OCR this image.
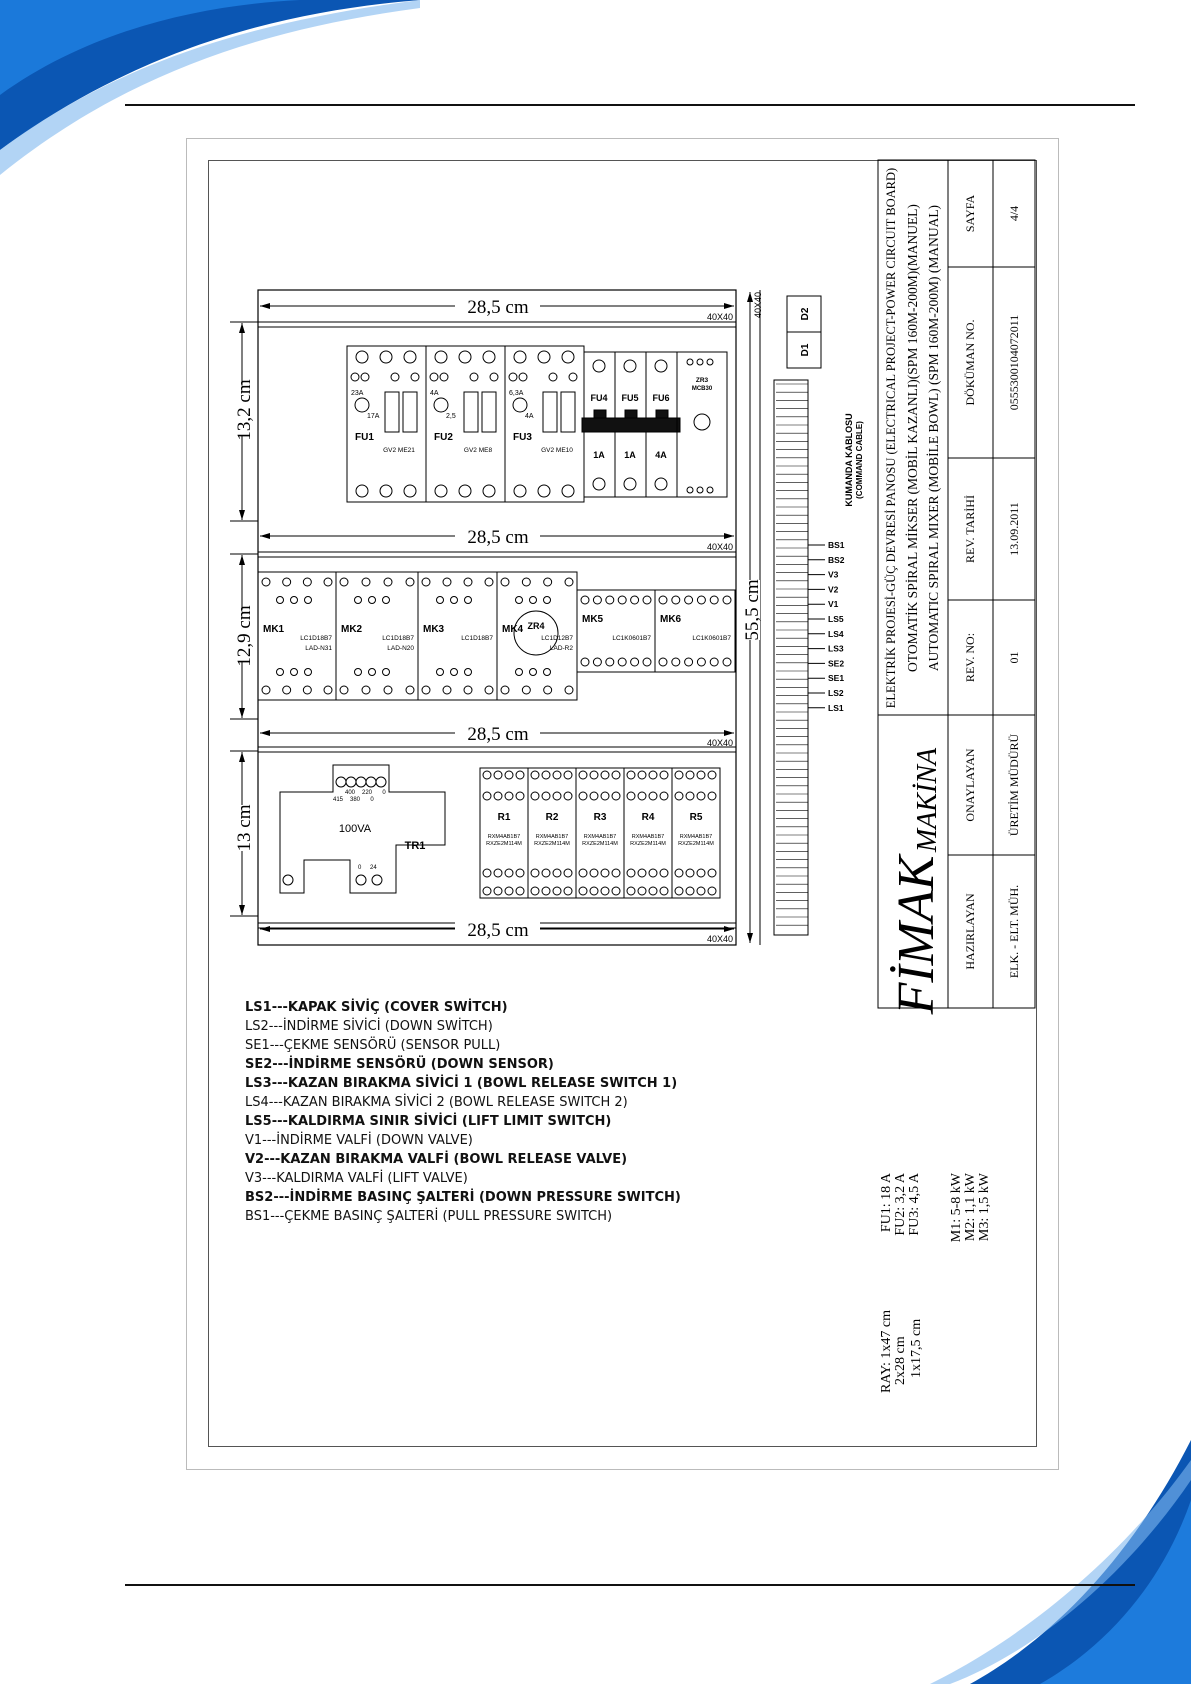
28,5 cm	40X40
28,5 cm	40X40
28,5 cm	40X40
28,5 cm	40X40
13,2 cm
12,9 cm
13 cm
55,5 cm
40X40
23A
17A
FU1
GV2 ME21
4A
2,5
FU2
GV2 ME8
6,3A
4A
FU3
GV2 ME10
FU4
1A
FU5
1A
FU6
4A
ZR3
MCB30
MK1
LC1D18B7
LAD-N31
MK2
LC1D18B7
LAD-N20
MK3
LC1D18B7
MK4
LC1D12B7
LAD-R2
MK5
LC1K0601B7
MK6
LC1K0601B7
ZR4
100VA
TR1
400 220 0
415 380 0
0 24
R1
RXM4AB1B7
RXZE2M114M
R2
RXM4AB1B7
RXZE2M114M
R3
RXM4AB1B7
RXZE2M114M
R4
RXM4AB1B7
RXZE2M114M
R5
RXM4AB1B7
RXZE2M114M
BS1
BS2
V3
V2
V1
LS5
LS4
LS3
SE2
SE1
LS2
LS1
D2
D1
KUMANDA KABLOSU (COMMAND CABLE) ELEKTRİK PROJESİ-GÜÇ DEVRESİ PANOSU (ELECTRICAL PROJECT-POWER CIRCUIT BOARD) OTOMATİK SPİRAL MİKSER (MOBİL KAZANLI)(SPM 160M-200M)(MANUEL) AUTOMATIC SPIRAL MIXER (MOBİLE BOWL) (SPM 160M-200M) (MANUAL)
FİMAK
MAKİNA
HAZIRLAYAN	ELK. - ELT. MÜH.
ONAYLAYAN	ÜRETİM MÜDÜRÜ
REV. NO:	01
REV. TARİHİ	13.09.2011
DÖKÜMAN NO.	055530010407201​1
SAYFA	4/4
FU1: 18 A FU2: 3,2 A FU3: 4,5 A M1: 5-8 kW M2: 1,1 kW M3: 1,5 kW
RAY: 1x47 cm 2x28 cm 1x17,5 cm
LS1---KAPAK SİVİÇ (COVER SWİTCH)
LS2---İNDİRME SİVİCİ (DOWN SWİTCH)
SE1---ÇEKME SENSÖRÜ (SENSOR PULL)
SE2---İNDİRME SENSÖRÜ (DOWN SENSOR)
LS3---KAZAN BIRAKMA SİVİCİ 1 (BOWL RELEASE SWITCH 1)
LS4---KAZAN BIRAKMA SİVİCİ 2 (BOWL RELEASE SWITCH 2)
LS5---KALDIRMA SINIR SİVİCİ (LIFT LIMIT SWITCH)
V1---İNDİRME VALFİ (DOWN VALVE)
V2---KAZAN BIRAKMA VALFİ (BOWL RELEASE VALVE)
V3---KALDIRMA VALFİ (LIFT VALVE)
BS2---İNDİRME BASINÇ ŞALTERİ (DOWN PRESSURE SWITCH)
BS1---ÇEKME BASINÇ ŞALTERİ (PULL PRESSURE SWITCH)
